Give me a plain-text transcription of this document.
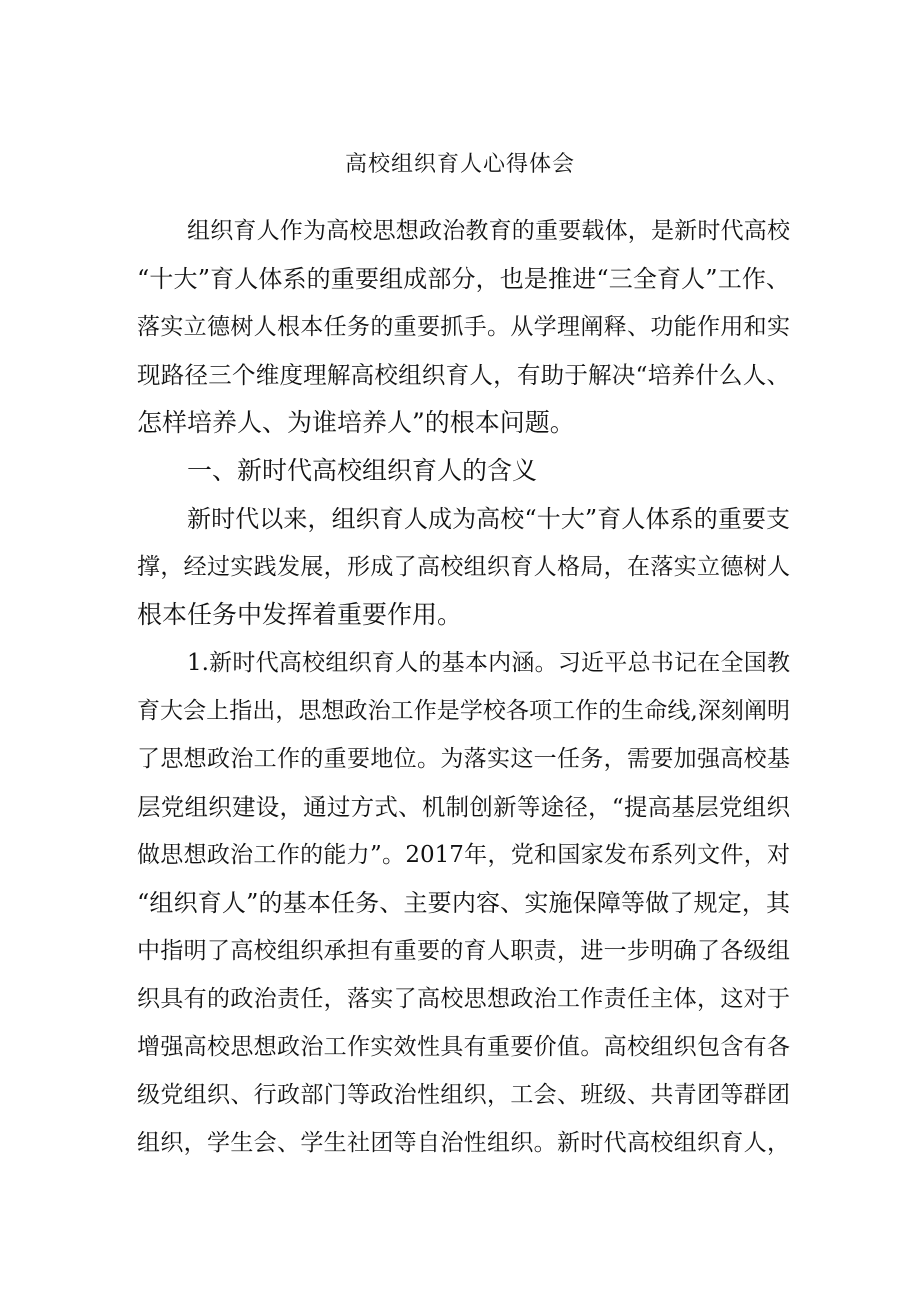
高校组织育人心得体会
组织育人作为高校思想政治教育的重要载体，是新时代高校
“十大”育人体系的重要组成部分，也是推进“三全育人”工作、
落实立德树人根本任务的重要抓手。从学理阐释、功能作用和实
现路径三个维度理解高校组织育人，有助于解决“培养什么人、
怎样培养人、为谁培养人”的根本问题。
一、新时代高校组织育人的含义
新时代以来，组织育人成为高校“十大”育人体系的重要支
撑，经过实践发展，形成了高校组织育人格局，在落实立德树人
根本任务中发挥着重要作用。
1.新时代高校组织育人的基本内涵。习近平总书记在全国教
育大会上指出，思想政治工作是学校各项工作的生命线,深刻阐明
了思想政治工作的重要地位。为落实这一任务，需要加强高校基
层党组织建设，通过方式、机制创新等途径，“提高基层党组织
做思想政治工作的能力”。2017年，党和国家发布系列文件，对
“组织育人”的基本任务、主要内容、实施保障等做了规定，其
中指明了高校组织承担有重要的育人职责，进一步明确了各级组
织具有的政治责任，落实了高校思想政治工作责任主体，这对于
增强高校思想政治工作实效性具有重要价值。高校组织包含有各
级党组织、行政部门等政治性组织，工会、班级、共青团等群团
组织，学生会、学生社团等自治性组织。新时代高校组织育人，
